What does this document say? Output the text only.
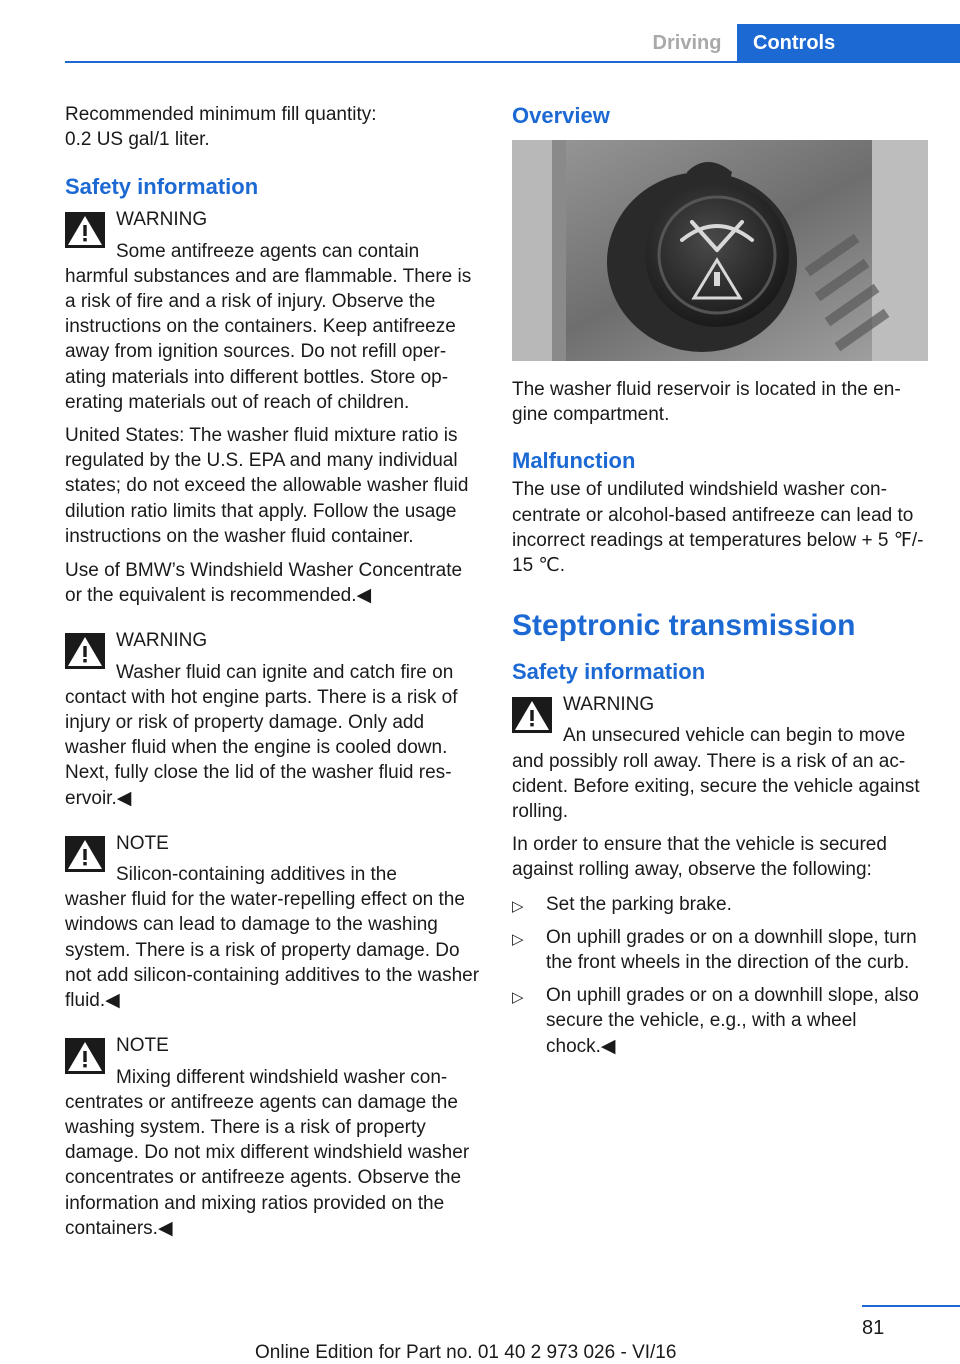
Driving	Controls

Recommended minimum fill quantity:
0.2 US gal/1 liter.

Safety information
WARNING
Some antifreeze agents can contain
harmful substances and are flammable. There is a risk of fire and a risk of injury. Observe the instructions on the containers. Keep antifreeze away from ignition sources. Do not refill operating materials into different bottles. Store operating materials out of reach of children.

United States: The washer fluid mixture ratio is regulated by the U.S. EPA and many individual states; do not exceed the allowable washer fluid dilution ratio limits that apply. Follow the usage instructions on the washer fluid container.

Use of BMW’s Windshield Washer Concentrate or the equivalent is recommended.◀

WARNING
Washer fluid can ignite and catch fire on
contact with hot engine parts. There is a risk of injury or risk of property damage. Only add washer fluid when the engine is cooled down. Next, fully close the lid of the washer fluid reservoir.◀
NOTE
Silicon-containing additives in the
washer fluid for the water-repelling effect on the windows can lead to damage to the washing system. There is a risk of property damage. Do not add silicon-containing additives to the washer fluid.◀
NOTE
Mixing different windshield washer con-
centrates or antifreeze agents can damage the washing system. There is a risk of property damage. Do not mix different windshield washer concentrates or antifreeze agents. Observe the information and mixing ratios provided on the containers.◀
Overview

The washer fluid reservoir is located in the engine compartment.

Malfunction

The use of undiluted windshield washer concentrate or alcohol-based antifreeze can lead to incorrect readings at temperatures below + 5 ℉/- 15 ℃.

Steptronic transmission
Safety information
WARNING
An unsecured vehicle can begin to move
and possibly roll away. There is a risk of an accident. Before exiting, secure the vehicle against rolling.

In order to ensure that the vehicle is secured against rolling away, observe the following:

▷ Set the parking brake.
▷ On uphill grades or on a downhill slope, turn the front wheels in the direction of the curb.
▷ On uphill grades or on a downhill slope, also secure the vehicle, e.g., with a wheel chock.◀
81
Online Edition for Part no. 01 40 2 973 026 - VI/16
